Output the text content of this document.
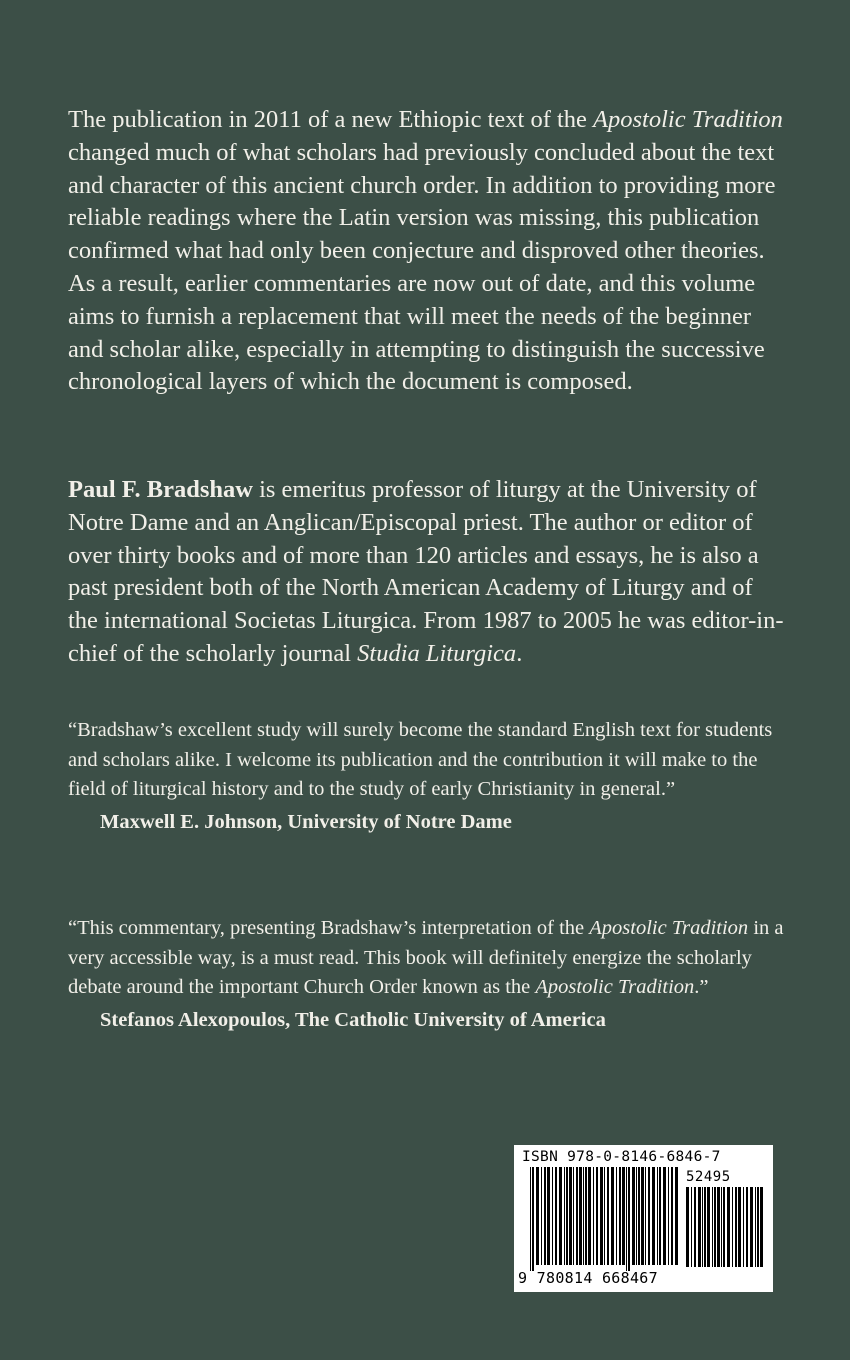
The publication in 2011 of a new Ethiopic text of the Apostolic Tradition changed much of what scholars had previously concluded about the text and character of this ancient church order. In addition to providing more reliable readings where the Latin version was missing, this publication confirmed what had only been conjecture and disproved other theories. As a result, earlier commentaries are now out of date, and this volume aims to furnish a replacement that will meet the needs of the beginner and scholar alike, especially in attempting to distinguish the successive chronological layers of which the document is composed.

Paul F. Bradshaw is emeritus professor of liturgy at the University of Notre Dame and an Anglican/Episcopal priest. The author or editor of over thirty books and of more than 120 articles and essays, he is also a past president both of the North American Academy of Liturgy and of the international Societas Liturgica. From 1987 to 2005 he was editor-in-chief of the scholarly journal Studia Liturgica.

“Bradshaw’s excellent study will surely become the standard English text for students and scholars alike. I welcome its publication and the contribution it will make to the field of liturgical history and to the study of early Christianity in general.”
Maxwell E. Johnson, University of Notre Dame
“This commentary, presenting Bradshaw’s interpretation of the Apostolic Tradition in a very accessible way, is a must read. This book will definitely energize the scholarly debate around the important Church Order known as the Apostolic Tradition.”
Stefanos Alexopoulos, The Catholic University of America
ISBN 978-0-8146-6846-7
52495
9 780814 668467
